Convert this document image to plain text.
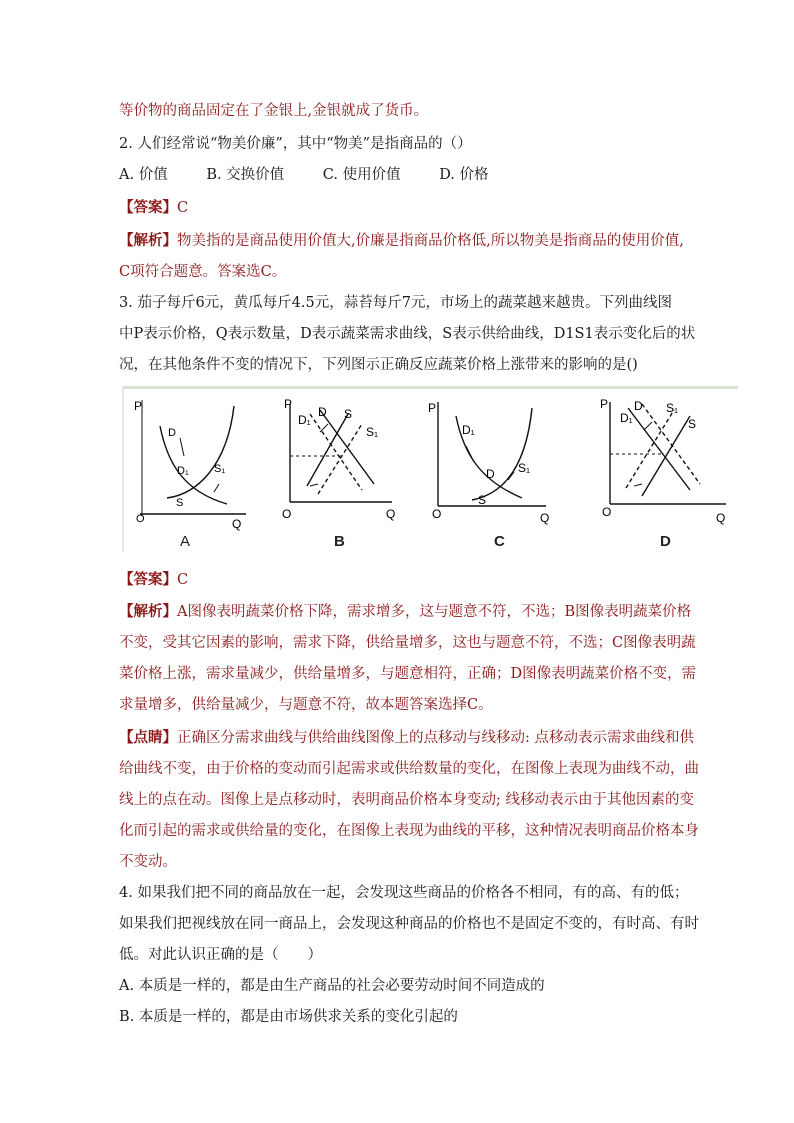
等价物的商品固定在了金银上,金银就成了货币。
2. 人们经常说“物美价廉”，其中“物美”是指商品的（）
A. 价值	B. 交换价值	C. 使用价值	D. 价格
【答案】C
【解析】物美指的是商品使用价值大,价廉是指商品价格低,所以物美是指商品的使用价值,
C项符合题意。答案选C。
3. 茄子每斤6元，黄瓜每斤4.5元，蒜苔每斤7元，市场上的蔬菜越来越贵。下列曲线图
中P表示价格，Q表示数量，D表示蔬菜需求曲线，S表示供给曲线，D1S1表示变化后的状
况，在其他条件不变的情况下，下列图示正确反应蔬菜价格上涨带来的影响的是()
P
Q
O
D
D₁
S
S₁
A
P
Q
O
D₁
D S
S₁
B
P
Q
O
D₁
D
S
S₁
C
P
Q
O
D₁
D S₁
S
D
【答案】C
【解析】A图像表明蔬菜价格下降，需求增多，这与题意不符，不选；B图像表明蔬菜价格
不变，受其它因素的影响，需求下降，供给量增多，这也与题意不符，不选；C图像表明蔬
菜价格上涨，需求量减少，供给量增多，与题意相符，正确；D图像表明蔬菜价格不变，需
求量增多，供给量减少，与题意不符，故本题答案选择C。
【点睛】正确区分需求曲线与供给曲线图像上的点移动与线移动: 点移动表示需求曲线和供
给曲线不变，由于价格的变动而引起需求或供给数量的变化，在图像上表现为曲线不动，曲
线上的点在动。图像上是点移动时，表明商品价格本身变动; 线移动表示由于其他因素的变
化而引起的需求或供给量的变化，在图像上表现为曲线的平移，这种情况表明商品价格本身
不变动。
4. 如果我们把不同的商品放在一起，会发现这些商品的价格各不相同，有的高、有的低；
如果我们把视线放在同一商品上，会发现这种商品的价格也不是固定不变的，有时高、有时
低。对此认识正确的是（　　）
A. 本质是一样的，都是由生产商品的社会必要劳动时间不同造成的
B. 本质是一样的，都是由市场供求关系的变化引起的
